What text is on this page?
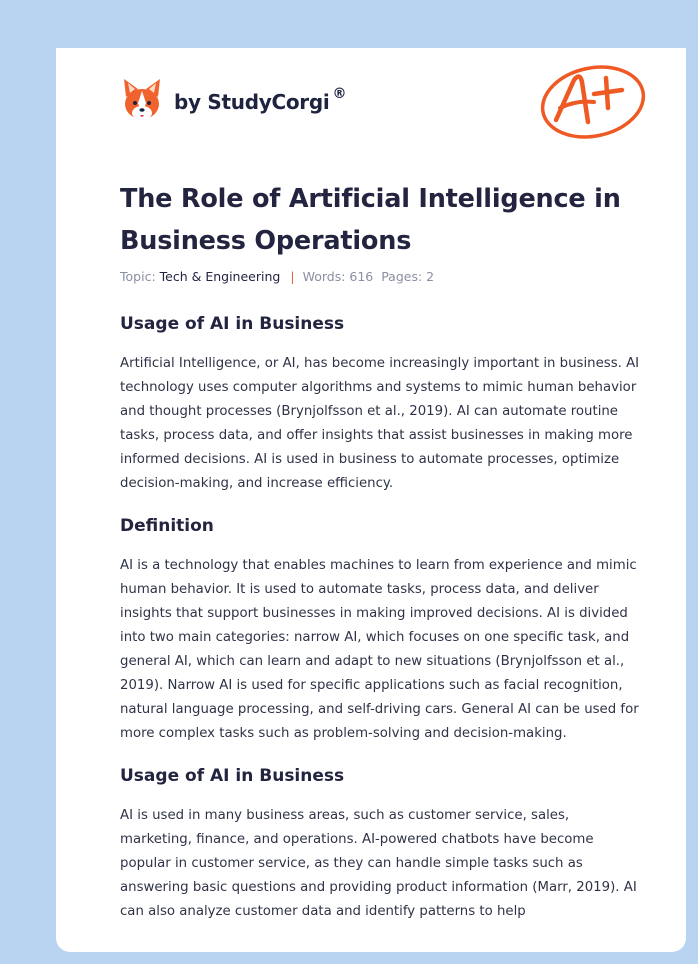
by StudyCorgi ®
The Role of Artificial Intelligence in Business Operations
Topic: Tech & Engineering | Words: 616 Pages: 2
Usage of AI in Business

Artificial Intelligence, or AI, has become increasingly important in business. AI technology uses computer algorithms and systems to mimic human behavior and thought processes (Brynjolfsson et al., 2019). AI can automate routine tasks, process data, and offer insights that assist businesses in making more informed decisions. AI is used in business to automate processes, optimize decision-making, and increase efficiency.

Definition

AI is a technology that enables machines to learn from experience and mimic human behavior. It is used to automate tasks, process data, and deliver insights that support businesses in making improved decisions. AI is divided into two main categories: narrow AI, which focuses on one specific task, and general AI, which can learn and adapt to new situations (Brynjolfsson et al., 2019). Narrow AI is used for specific applications such as facial recognition, natural language processing, and self-driving cars. General AI can be used for more complex tasks such as problem-solving and decision-making.

Usage of AI in Business

AI is used in many business areas, such as customer service, sales, marketing, finance, and operations. AI-powered chatbots have become popular in customer service, as they can handle simple tasks such as answering basic questions and providing product information (Marr, 2019). AI can also analyze customer data and identify patterns to help
